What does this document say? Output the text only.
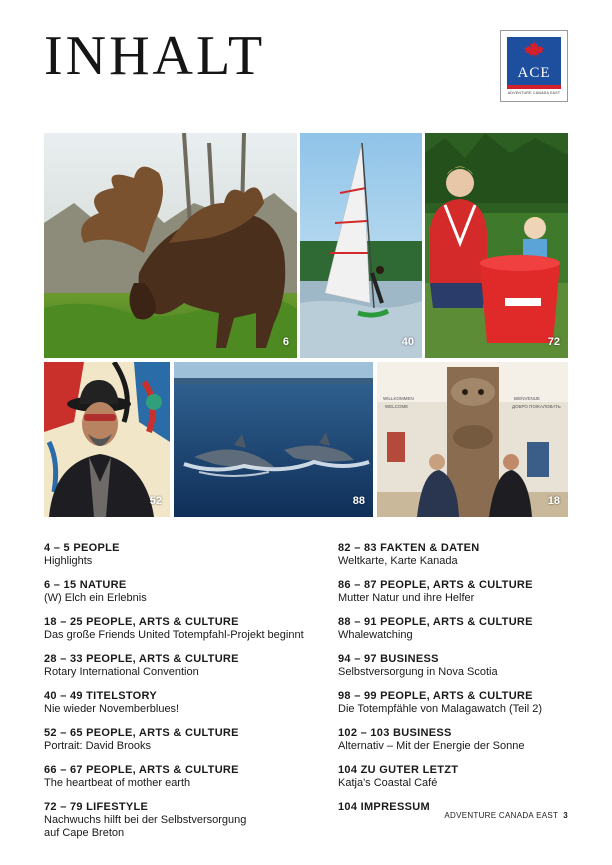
INHALT	ACE
ADVENTURE CANADA EAST
6	40	72
52	88
WILLKOMMEN
WELCOME
BIENVENUE
ДОБРО ПОЖАЛОВАТЬ
18
4 – 5 PEOPLE
Highlights
6 – 15 NATURE
(W) Elch ein Erlebnis
18 – 25 PEOPLE, ARTS & CULTURE
Das große Friends United Totempfahl-Projekt beginnt
28 – 33 PEOPLE, ARTS & CULTURE
Rotary International Convention
40 – 49 TITELSTORY
Nie wieder Novemberblues!
52 – 65 PEOPLE, ARTS & CULTURE
Portrait: David Brooks
66 – 67 PEOPLE, ARTS & CULTURE
The heartbeat of mother earth
72 – 79 LIFESTYLE
Nachwuchs hilft bei der Selbstversorgung
auf Cape Breton
82 – 83 FAKTEN & DATEN
Weltkarte, Karte Kanada
86 – 87 PEOPLE, ARTS & CULTURE
Mutter Natur und ihre Helfer
88 – 91 PEOPLE, ARTS & CULTURE
Whalewatching
94 – 97 BUSINESS
Selbstversorgung in Nova Scotia
98 – 99 PEOPLE, ARTS & CULTURE
Die Totempfähle von Malagawatch (Teil 2)
102 – 103 BUSINESS
Alternativ – Mit der Energie der Sonne
104 ZU GUTER LETZT
Katja's Coastal Café
104 IMPRESSUM
ADVENTURE CANADA EAST 3
